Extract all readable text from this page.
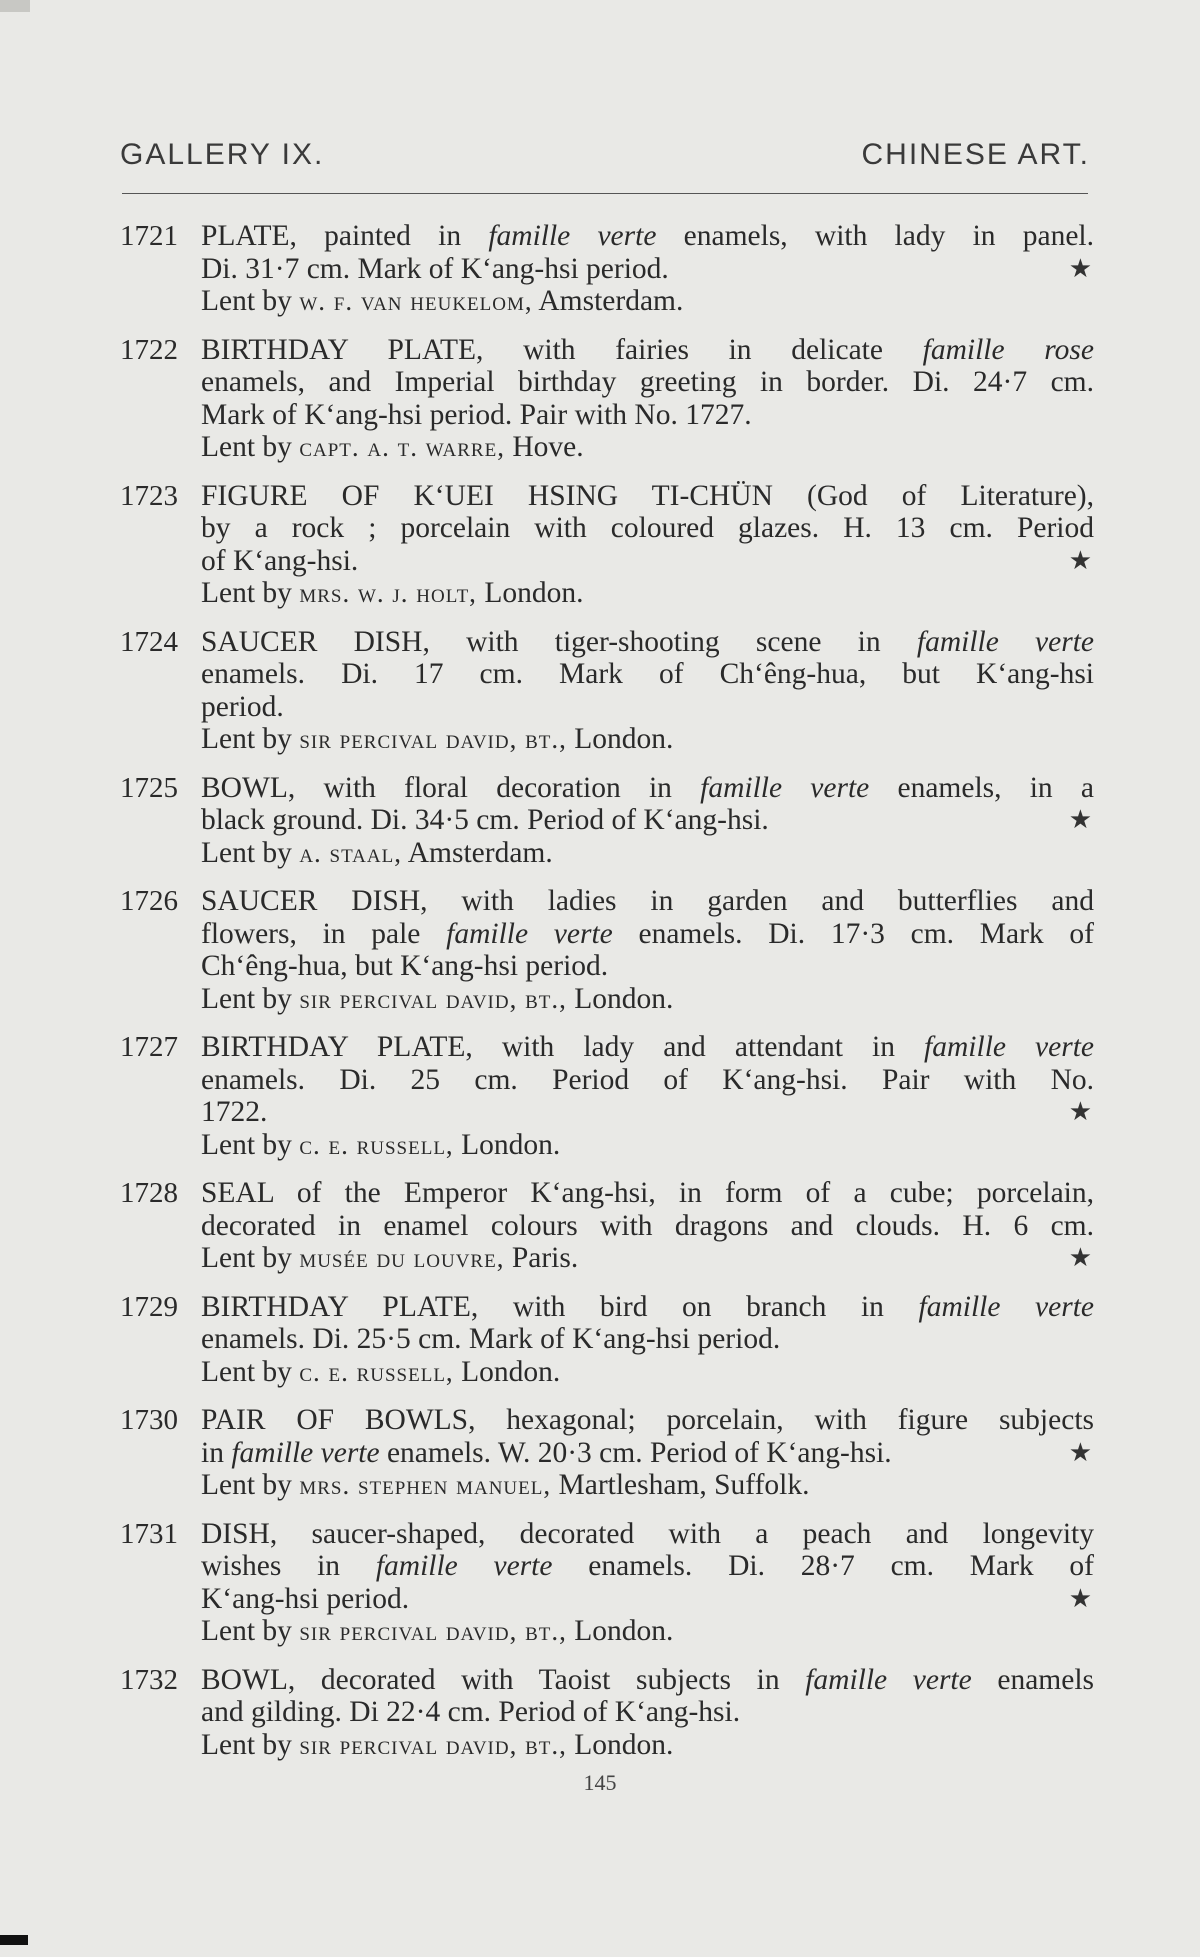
GALLERY IX.	CHINESE ART.
1721 PLATE, painted in famille verte enamels, with lady in panel.
Di. 31·7 cm. Mark of K‘ang-hsi period.	★
Lent by w. f. van heukelom, Amsterdam.
1722 BIRTHDAY PLATE, with fairies in delicate famille rose
enamels, and Imperial birthday greeting in border. Di. 24·7 cm.
Mark of K‘ang-hsi period. Pair with No. 1727.
Lent by capt. a. t. warre, Hove.
1723 FIGURE OF K‘UEI HSING TI-CHÜN (God of Literature),
by a rock ; porcelain with coloured glazes. H. 13 cm. Period
of K‘ang-hsi.	★
Lent by mrs. w. j. holt, London.
1724 SAUCER DISH, with tiger-shooting scene in famille verte
enamels. Di. 17 cm. Mark of Ch‘êng-hua, but K‘ang-hsi
period.
Lent by sir percival david, bt., London.
1725 BOWL, with floral decoration in famille verte enamels, in a
black ground. Di. 34·5 cm. Period of K‘ang-hsi.	★
Lent by a. staal, Amsterdam.
1726 SAUCER DISH, with ladies in garden and butterflies and
flowers, in pale famille verte enamels. Di. 17·3 cm. Mark of
Ch‘êng-hua, but K‘ang-hsi period.
Lent by sir percival david, bt., London.
1727 BIRTHDAY PLATE, with lady and attendant in famille verte
enamels. Di. 25 cm. Period of K‘ang-hsi. Pair with No.
1722.	★
Lent by c. e. russell, London.
1728 SEAL of the Emperor K‘ang-hsi, in form of a cube; porcelain,
decorated in enamel colours with dragons and clouds. H. 6 cm.
Lent by musée du louvre, Paris.	★
1729 BIRTHDAY PLATE, with bird on branch in famille verte
enamels. Di. 25·5 cm. Mark of K‘ang-hsi period.
Lent by c. e. russell, London.
1730 PAIR OF BOWLS, hexagonal; porcelain, with figure subjects
in famille verte enamels. W. 20·3 cm. Period of K‘ang-hsi.	★
Lent by mrs. stephen manuel, Martlesham, Suffolk.
1731 DISH, saucer-shaped, decorated with a peach and longevity
wishes in famille verte enamels. Di. 28·7 cm. Mark of
K‘ang-hsi period.	★
Lent by sir percival david, bt., London.
1732 BOWL, decorated with Taoist subjects in famille verte enamels
and gilding. Di 22·4 cm. Period of K‘ang-hsi.
Lent by sir percival david, bt., London.
145
